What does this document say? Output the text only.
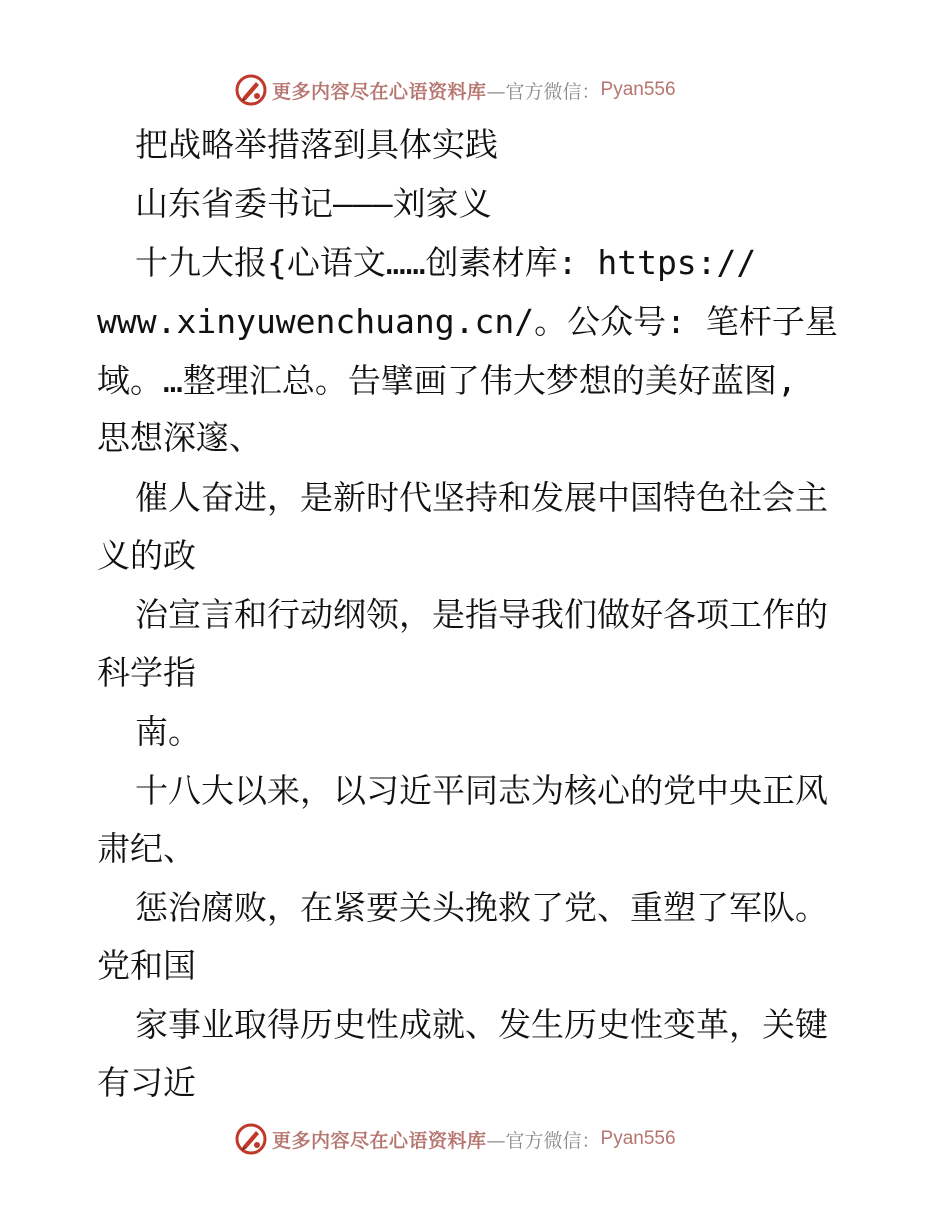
更多内容尽在心语资料库 —官方微信： Pyan556
把战略举措落到具体实践
山东省委书记———刘家义
十九大报{心语文……创素材库: https://
www.xinyuwenchuang.cn/。公众号: 笔杆子星
域。…整理汇总。告擘画了伟大梦想的美好蓝图,
思想深邃、
催人奋进，是新时代坚持和发展中国特色社会主
义的政
治宣言和行动纲领，是指导我们做好各项工作的
科学指
南。
十八大以来，以习近平同志为核心的党中央正风
肃纪、
惩治腐败，在紧要关头挽救了党、重塑了军队。
党和国
家事业取得历史性成就、发生历史性变革，关键
有习近
更多内容尽在心语资料库 —官方微信： Pyan556
